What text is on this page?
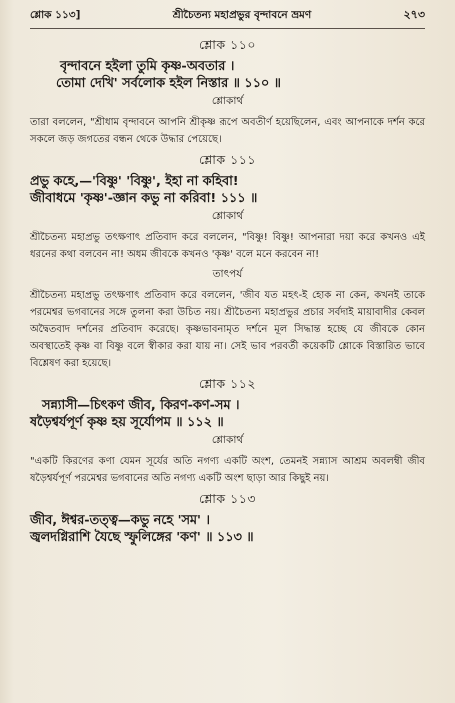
শ্লোক ১১৩]	শ্রীচৈতন্য মহাপ্রভুর বৃন্দাবনে ভ্রমণ	২৭৩
শ্লোক ১১০
বৃন্দাবনে হইলা তুমি কৃষ্ণ-অবতার ।
তোমা দেখি' সর্বলোক হইল নিস্তার ॥ ১১০ ॥
শ্লোকার্থ

তারা বললেন, "শ্রীধাম বৃন্দাবনে আপনি শ্রীকৃষ্ণ রূপে অবতীর্ণ হয়েছিলেন, এবং আপনাকে দর্শন করে সকলে জড় জগতের বন্ধন থেকে উদ্ধার পেয়েছে।

শ্লোক ১১১
প্রভু কহে,—'বিষ্ণু' 'বিষ্ণু', ইহা না কহিবা!
জীবাধমে 'কৃষ্ণ'-জ্ঞান কভু না করিবা! ১১১ ॥
শ্লোকার্থ

শ্রীচৈতন্য মহাপ্রভু তৎক্ষণাৎ প্রতিবাদ করে বললেন, "বিষ্ণু! বিষ্ণু! আপনারা দয়া করে কখনও এই ধরনের কথা বলবেন না! অধম জীবকে কখনও 'কৃষ্ণ' বলে মনে করবেন না!

তাৎপর্য

শ্রীচৈতন্য মহাপ্রভু তৎক্ষণাৎ প্রতিবাদ করে বললেন, 'জীব যত মহৎ-ই হোক না কেন, কখনই তাকে পরমেশ্বর ভগবানের সঙ্গে তুলনা করা উচিত নয়। শ্রীচৈতন্য মহাপ্রভুর প্রচার সর্বদাই মায়াবাদীর কেবল অদ্বৈতবাদ দর্শনের প্রতিবাদ করেছে। কৃষ্ণভাবনামৃত দর্শনে মূল সিদ্ধান্ত হচ্ছে যে জীবকে কোন অবস্থাতেই কৃষ্ণ বা বিষ্ণু বলে স্বীকার করা যায় না। সেই ভাব পরবর্তী কয়েকটি শ্লোকে বিস্তারিত ভাবে বিশ্লেষণ করা হয়েছে।

শ্লোক ১১২
সন্ন্যাসী—চিৎকণ জীব, কিরণ-কণ-সম ।
ষড়ৈশ্বর্যপূর্ণ কৃষ্ণ হয় সূর্যোপম ॥ ১১২ ॥
শ্লোকার্থ

"একটি কিরণের কণা যেমন সূর্যের অতি নগণ্য একটি অংশ, তেমনই সন্ন্যাস আশ্রম অবলম্বী জীব ষড়ৈশ্বর্যপূর্ণ পরমেশ্বর ভগবানের অতি নগণ্য একটি অংশ ছাড়া আর কিছুই নয়।

শ্লোক ১১৩
জীব, ঈশ্বর-তত্ত্ব—কভু নহে 'সম' ।
জ্বলদগ্নিরাশি যৈছে স্ফুলিঙ্গের 'কণ' ॥ ১১৩ ॥
